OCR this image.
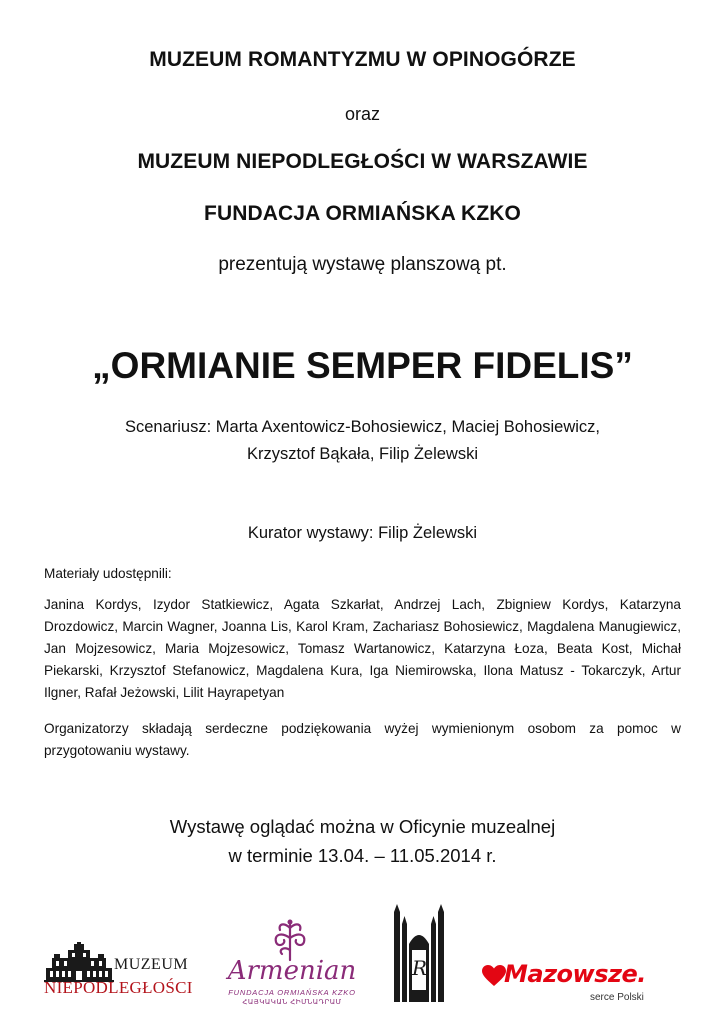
MUZEUM ROMANTYZMU W OPINOGÓRZE
oraz
MUZEUM NIEPODLEGŁOŚCI W WARSZAWIE
FUNDACJA ORMIAŃSKA KZKO
prezentują wystawę planszową pt.
„ORMIANIE SEMPER FIDELIS”
Scenariusz: Marta Axentowicz-Bohosiewicz, Maciej Bohosiewicz,
Krzysztof Bąkała, Filip Żelewski
Kurator wystawy: Filip Żelewski
Materiały udostępnili:
Janina Kordys, Izydor Statkiewicz, Agata Szkarłat, Andrzej Lach, Zbigniew Kordys, Katarzyna Drozdowicz, Marcin Wagner, Joanna Lis, Karol Kram, Zachariasz Bohosiewicz, Magdalena Manugiewicz, Jan Mojzesowicz, Maria Mojzesowicz, Tomasz Wartanowicz, Katarzyna Łoza, Beata Kost, Michał Piekarski, Krzysztof Stefanowicz, Magdalena Kura, Iga Niemirowska, Ilona Matusz - Tokarczyk, Artur Ilgner, Rafał Jeżowski, Lilit Hayrapetyan
Organizatorzy składają serdeczne podziękowania wyżej wymienionym osobom za pomoc w przygotowaniu wystawy.
Wystawę oglądać można w Oficynie muzealnej
w terminie 13.04. – 11.05.2014 r.
MUZEUM
NIEPODLEGŁOŚCI
Armenian
FUNDACJA ORMIAŃSKA KZKO
ՀԱՅԿԱԿԱՆ ՀԻՄՆԱԴՐԱՄ
R	Mazowsze.
serce Polski
